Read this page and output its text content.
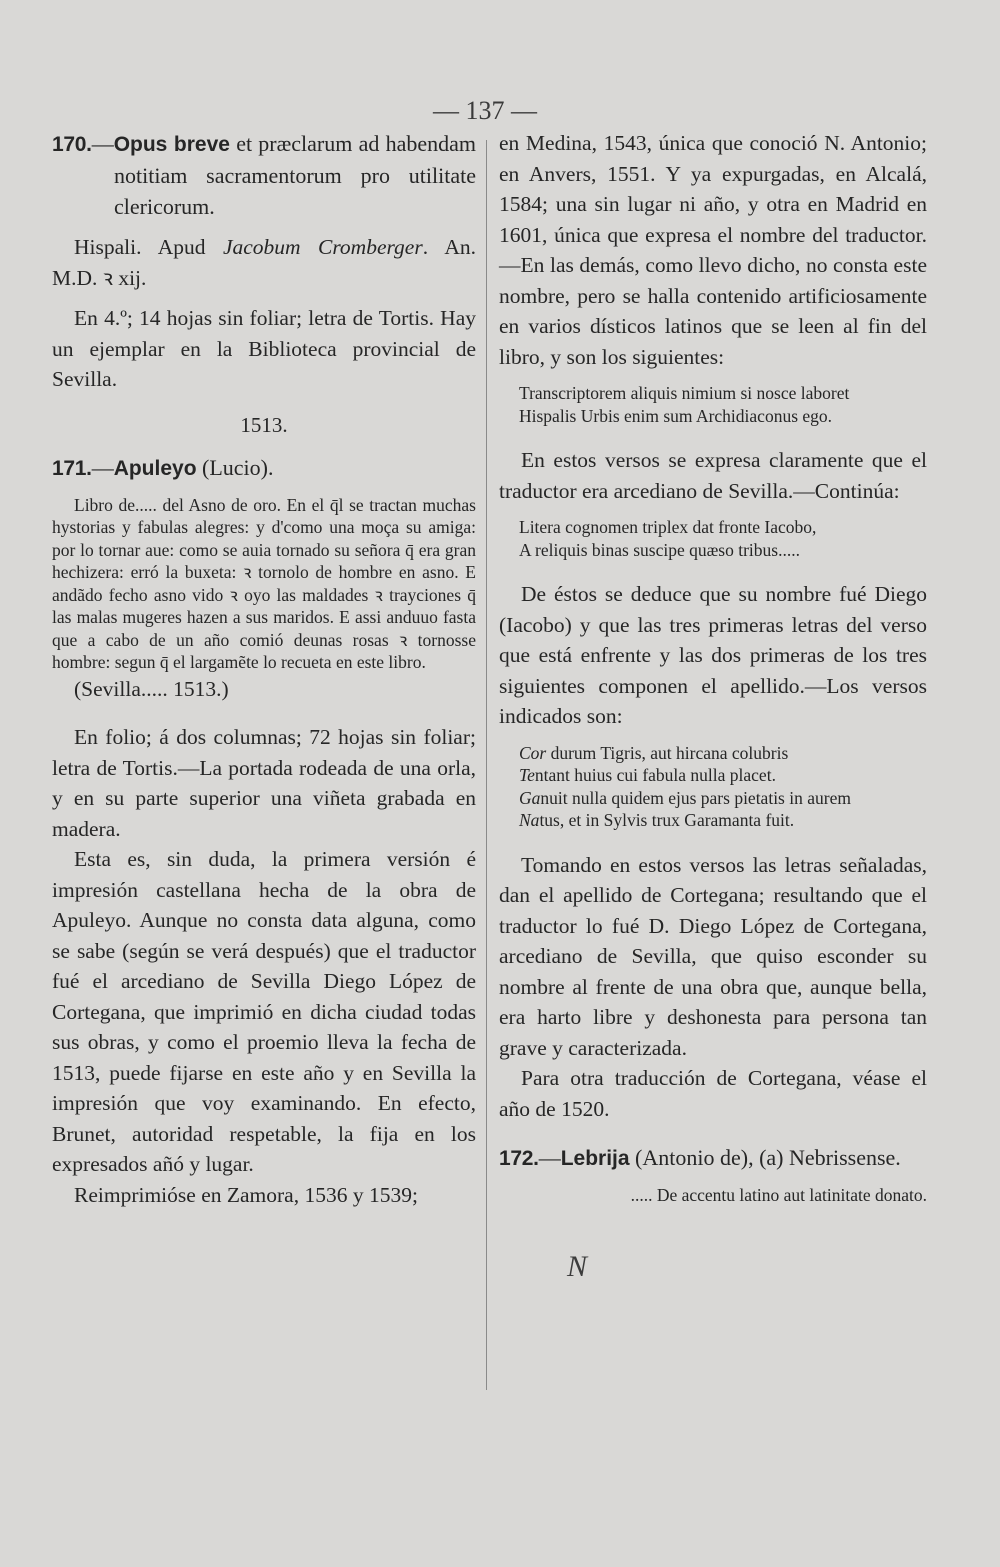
— 137 —

170.—Opus breve et præclarum ad habendam notitiam sacramentorum pro utilitate clericorum.

Hispali. Apud Jacobum Cromberger. An. M.D. ꝛ xij.

En 4.º; 14 hojas sin foliar; letra de Tortis. Hay un ejemplar en la Biblioteca provincial de Sevilla.

1513.

171.—Apuleyo (Lucio).

Libro de..... del Asno de oro. En el q̄l se tractan muchas hystorias y fabulas alegres: y d'como una moça su amiga: por lo tornar aue: como se auia tornado su señora q̄ era gran hechizera: erró la buxeta: ꝛ tornolo de hombre en asno. E andãdo fecho asno vido ꝛ oyo las maldades ꝛ trayciones q̄ las malas mugeres hazen a sus maridos. E assi anduuo fasta que a cabo de un año comió deunas rosas ꝛ tornosse hombre: segun q̄ el largamẽte lo recueta en este libro.

(Sevilla..... 1513.)

En folio; á dos columnas; 72 hojas sin foliar; letra de Tortis.—La portada rodeada de una orla, y en su parte superior una viñeta grabada en madera.

Esta es, sin duda, la primera versión é impresión castellana hecha de la obra de Apuleyo. Aunque no consta data alguna, como se sabe (según se verá después) que el traductor fué el arcediano de Sevilla Diego López de Cortegana, que imprimió en dicha ciudad todas sus obras, y como el proemio lleva la fecha de 1513, puede fijarse en este año y en Sevilla la impresión que voy examinando. En efecto, Brunet, autoridad respetable, la fija en los expresados añó y lugar.

Reimprimióse en Zamora, 1536 y 1539;

en Medina, 1543, única que conoció N. Antonio; en Anvers, 1551. Y ya expurgadas, en Alcalá, 1584; una sin lugar ni año, y otra en Madrid en 1601, única que expresa el nombre del traductor.—En las demás, como llevo dicho, no consta este nombre, pero se halla contenido artificiosamente en varios dísticos latinos que se leen al fin del libro, y son los siguientes:

Transcriptorem aliquis nimium si nosce laboret
Hispalis Urbis enim sum Archidiaconus ego.

En estos versos se expresa claramente que el traductor era arcediano de Sevilla.—Continúa:

Litera cognomen triplex dat fronte Iacobo,
A reliquis binas suscipe quæso tribus.....

De éstos se deduce que su nombre fué Diego (Iacobo) y que las tres primeras letras del verso que está enfrente y las dos primeras de los tres siguientes componen el apellido.—Los versos indicados son:

Cor durum Tigris, aut hircana colubris
Tentant huius cui fabula nulla placet.
Ganuit nulla quidem ejus pars pietatis in aurem
Natus, et in Sylvis trux Garamanta fuit.

Tomando en estos versos las letras señaladas, dan el apellido de Cortegana; resultando que el traductor lo fué D. Diego López de Cortegana, arcediano de Sevilla, que quiso esconder su nombre al frente de una obra que, aunque bella, era harto libre y deshonesta para persona tan grave y caracterizada.

Para otra traducción de Cortegana, véase el año de 1520.

172.—Lebrija (Antonio de), (a) Nebrissense.

..... De accentu latino aut latinitate donato.

N
